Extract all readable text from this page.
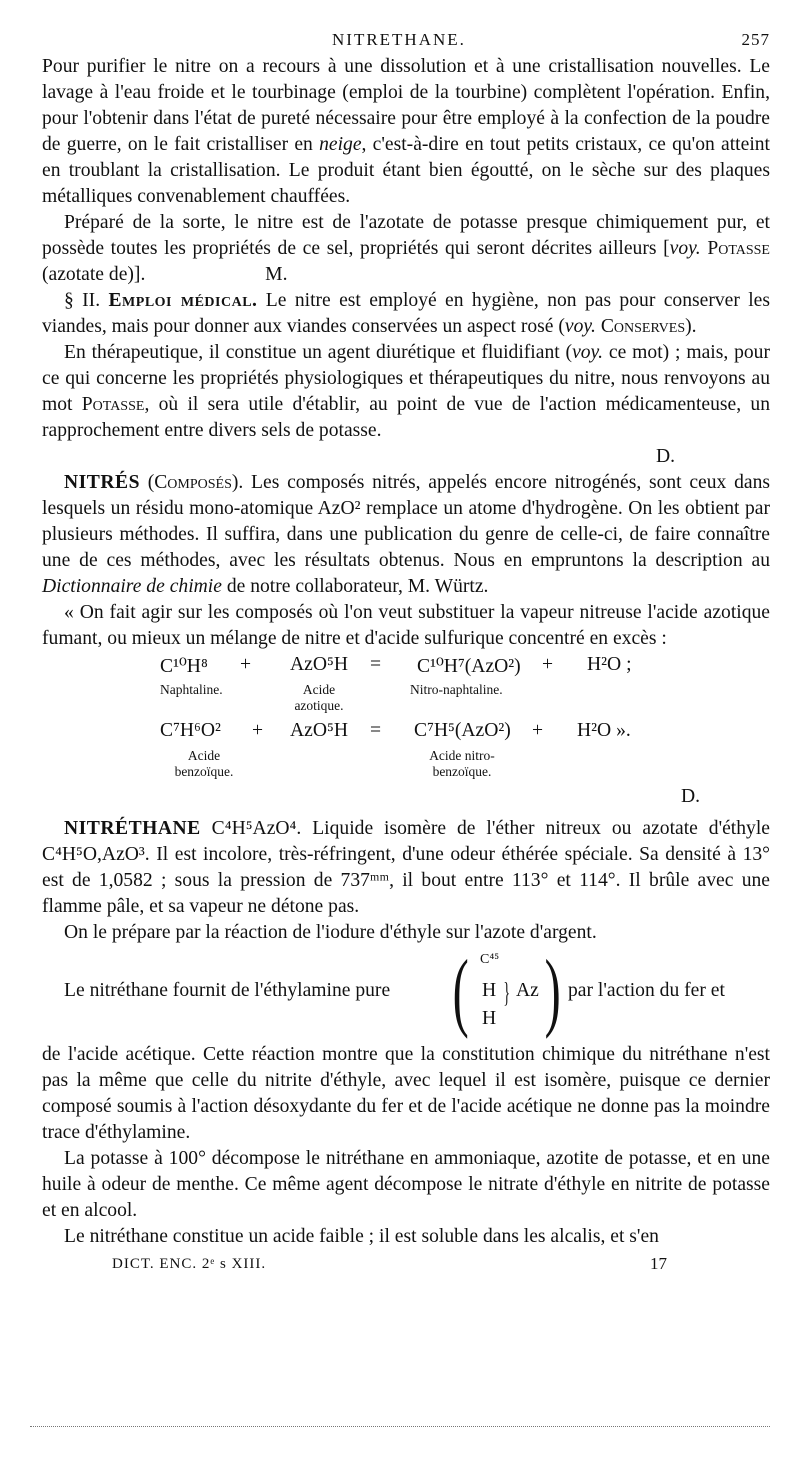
NITRETHANE.	257

Pour purifier le nitre on a recours à une dissolution et à une cristallisation nouvelles. Le lavage à l'eau froide et le tourbinage (emploi de la tourbine) complètent l'opération. Enfin, pour l'obtenir dans l'état de pureté nécessaire pour être employé à la confection de la poudre de guerre, on le fait cristalliser en neige, c'est-à-dire en tout petits cristaux, ce qu'on atteint en troublant la cristallisation. Le produit étant bien égoutté, on le sèche sur des plaques métalliques convenablement chauffées.

Préparé de la sorte, le nitre est de l'azotate de potasse presque chimiquement pur, et possède toutes les propriétés de ce sel, propriétés qui seront décrites ailleurs [voy. Potasse (azotate de)].	M.

§ II. Emploi médical. Le nitre est employé en hygiène, non pas pour conserver les viandes, mais pour donner aux viandes conservées un aspect rosé (voy. Conserves).

En thérapeutique, il constitue un agent diurétique et fluidifiant (voy. ce mot) ; mais, pour ce qui concerne les propriétés physiologiques et thérapeutiques du nitre, nous renvoyons au mot Potasse, où il sera utile d'établir, au point de vue de l'action médicamenteuse, un rapprochement entre divers sels de potasse.

D.

NITRÉS (Composés). Les composés nitrés, appelés encore nitrogénés, sont ceux dans lesquels un résidu mono-atomique AzO² remplace un atome d'hydrogène. On les obtient par plusieurs méthodes. Il suffira, dans une publication du genre de celle-ci, de faire connaître une de ces méthodes, avec les résultats obtenus. Nous en empruntons la description au Dictionnaire de chimie de notre collaborateur, M. Würtz.

« On fait agir sur les composés où l'on veut substituer la vapeur nitreuse l'acide azotique fumant, ou mieux un mélange de nitre et d'acide sulfurique concentré en excès :

C¹⁰H⁸ + AzO⁵H = C¹⁰H⁷(AzO²) + H²O ;
Naphtaline.	Acide azotique.
Nitro-naphtaline.
C⁷H⁶O² + AzO⁵H = C⁷H⁵(AzO²) + H²O ».
Acide benzoïque.
Acide nitro-benzoïque.

D.

NITRÉTHANE C⁴H⁵AzO⁴. Liquide isomère de l'éther nitreux ou azotate d'éthyle C⁴H⁵O,AzO³. Il est incolore, très-réfringent, d'une odeur éthérée spéciale. Sa densité à 13° est de 1,0582 ; sous la pression de 737ᵐᵐ, il bout entre 113° et 114°. Il brûle avec une flamme pâle, et sa vapeur ne détone pas.

On le prépare par la réaction de l'iodure d'éthyle sur l'azote d'argent.

Le nitréthane fournit de l'éthylamine pure ( C⁴⁵
H
H
} Az ) par l'action du fer et

de l'acide acétique. Cette réaction montre que la constitution chimique du nitréthane n'est pas la même que celle du nitrite d'éthyle, avec lequel il est isomère, puisque ce dernier composé soumis à l'action désoxydante du fer et de l'acide acétique ne donne pas la moindre trace d'éthylamine.

La potasse à 100° décompose le nitréthane en ammoniaque, azotite de potasse, et en une huile à odeur de menthe. Ce même agent décompose le nitrate d'éthyle en nitrite de potasse et en alcool.

Le nitréthane constitue un acide faible ; il est soluble dans les alcalis, et s'en

DICT. ENC. 2ᵉ s XIII.	17
